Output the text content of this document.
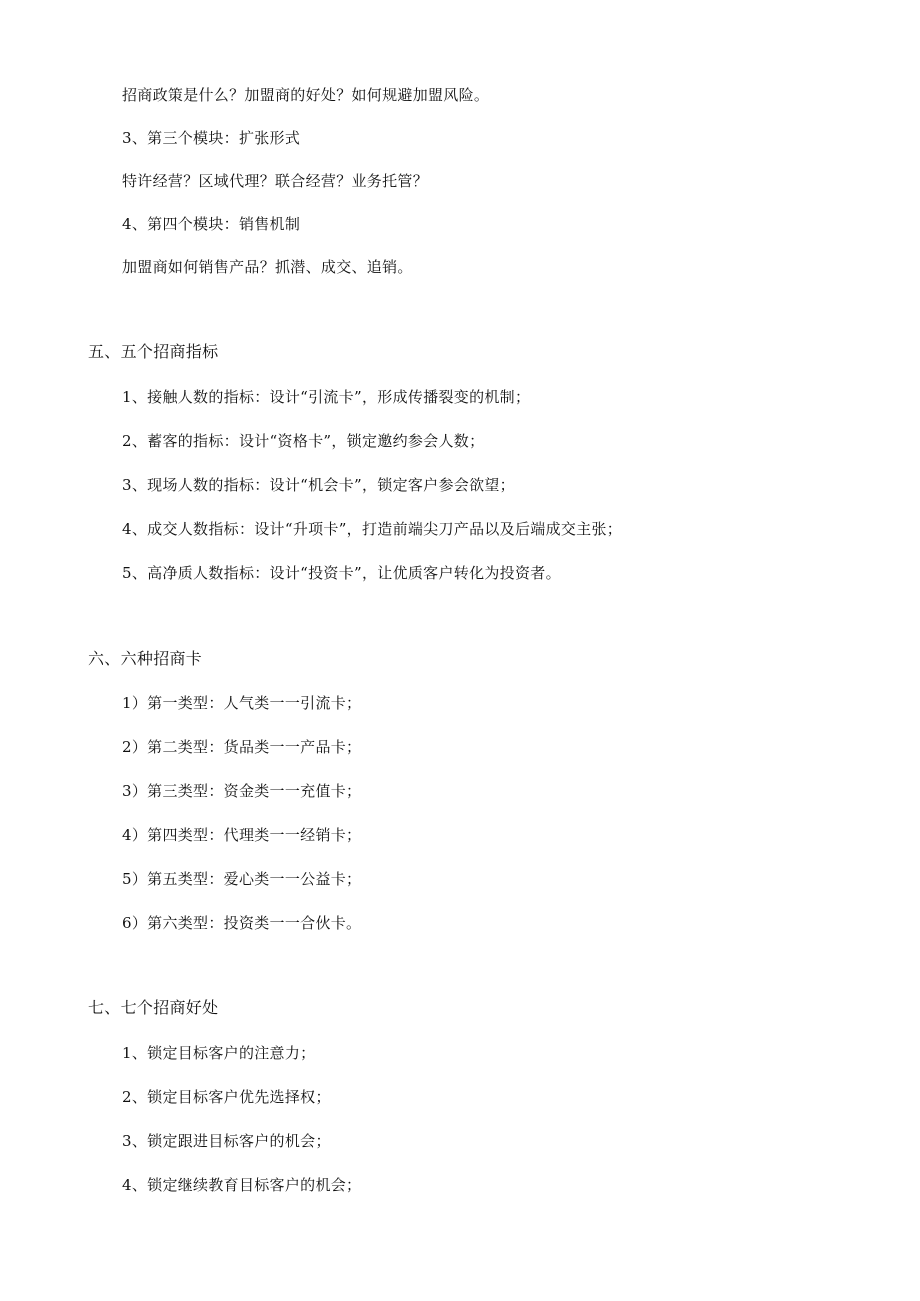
招商政策是什么？加盟商的好处？如何规避加盟风险。
3、第三个模块：扩张形式
特许经营？区域代理？联合经营？业务托管？
4、第四个模块：销售机制
加盟商如何销售产品？抓潜、成交、追销。
五、五个招商指标
1、接触人数的指标：设计“引流卡”，形成传播裂变的机制；
2、蓄客的指标：设计“资格卡”，锁定邀约参会人数；
3、现场人数的指标：设计“机会卡”，锁定客户参会欲望；
4、成交人数指标：设计“升项卡”，打造前端尖刀产品以及后端成交主张；
5、高净质人数指标：设计“投资卡”，让优质客户转化为投资者。
六、六种招商卡
1）第一类型：人气类一一引流卡；
2）第二类型：货品类一一产品卡；
3）第三类型：资金类一一充值卡；
4）第四类型：代理类一一经销卡；
5）第五类型：爱心类一一公益卡；
6）第六类型：投资类一一合伙卡。
七、七个招商好处
1、锁定目标客户的注意力；
2、锁定目标客户优先选择权；
3、锁定跟进目标客户的机会；
4、锁定继续教育目标客户的机会；
